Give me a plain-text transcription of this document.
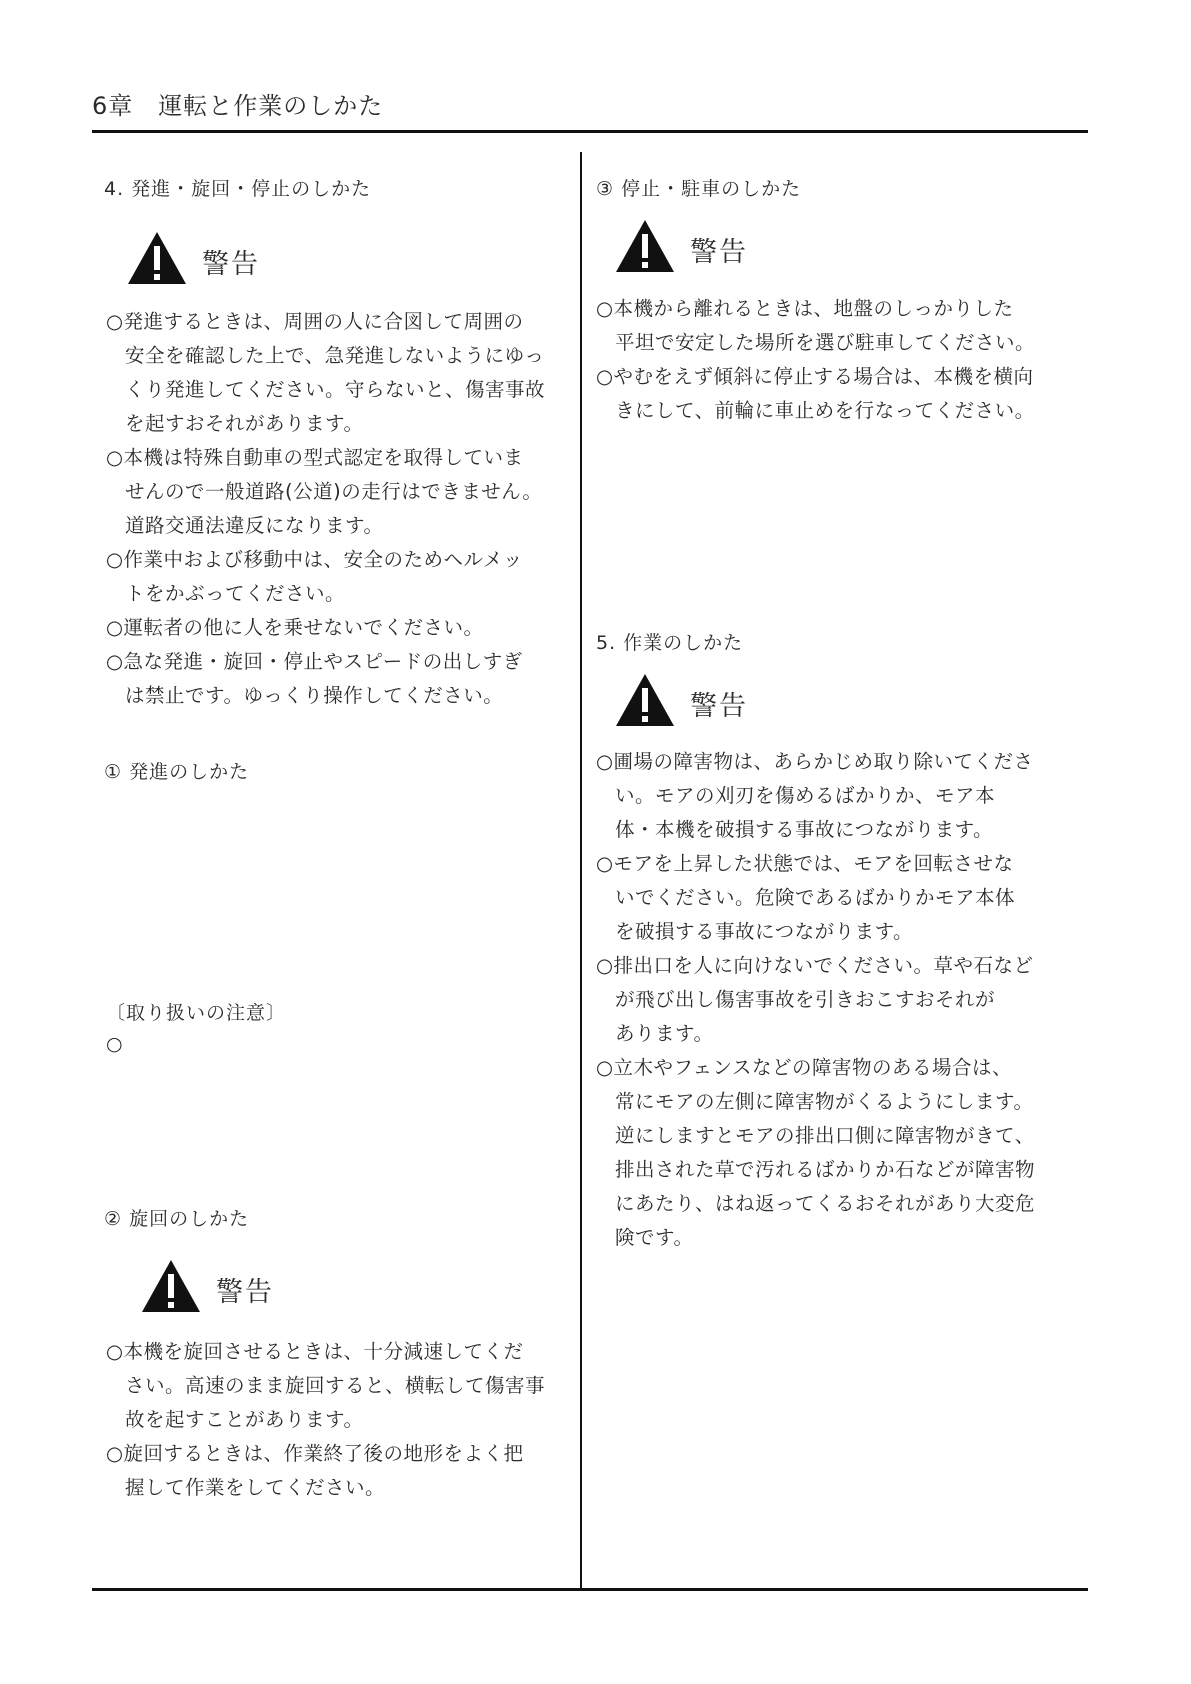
6章　運転と作業のしかた
4. 発進・旋回・停止のしかた
警告
○発進するときは、周囲の人に合図して周囲の
安全を確認した上で、急発進しないようにゆっ
くり発進してください。守らないと、傷害事故
を起すおそれがあります。
○本機は特殊自動車の型式認定を取得していま
せんので一般道路(公道)の走行はできません。
道路交通法違反になります。
○作業中および移動中は、安全のためヘルメッ
トをかぶってください。
○運転者の他に人を乗せないでください。
○急な発進・旋回・停止やスピードの出しすぎ
は禁止です。ゆっくり操作してください。
① 発進のしかた
〔取り扱いの注意〕
○
② 旋回のしかた
警告
○本機を旋回させるときは、十分減速してくだ
さい。高速のまま旋回すると、横転して傷害事
故を起すことがあります。
○旋回するときは、作業終了後の地形をよく把
握して作業をしてください。
③ 停止・駐車のしかた
警告
○本機から離れるときは、地盤のしっかりした
平坦で安定した場所を選び駐車してください。
○やむをえず傾斜に停止する場合は、本機を横向
きにして、前輪に車止めを行なってください。
5. 作業のしかた
警告
○圃場の障害物は、あらかじめ取り除いてくださ
い。モアの刈刃を傷めるばかりか、モア本
体・本機を破損する事故につながります。
○モアを上昇した状態では、モアを回転させな
いでください。危険であるばかりかモア本体
を破損する事故につながります。
○排出口を人に向けないでください。草や石など
が飛び出し傷害事故を引きおこすおそれが
あります。
○立木やフェンスなどの障害物のある場合は、
常にモアの左側に障害物がくるようにします。
逆にしますとモアの排出口側に障害物がきて、
排出された草で汚れるばかりか石などが障害物
にあたり、はね返ってくるおそれがあり大変危
険です。
